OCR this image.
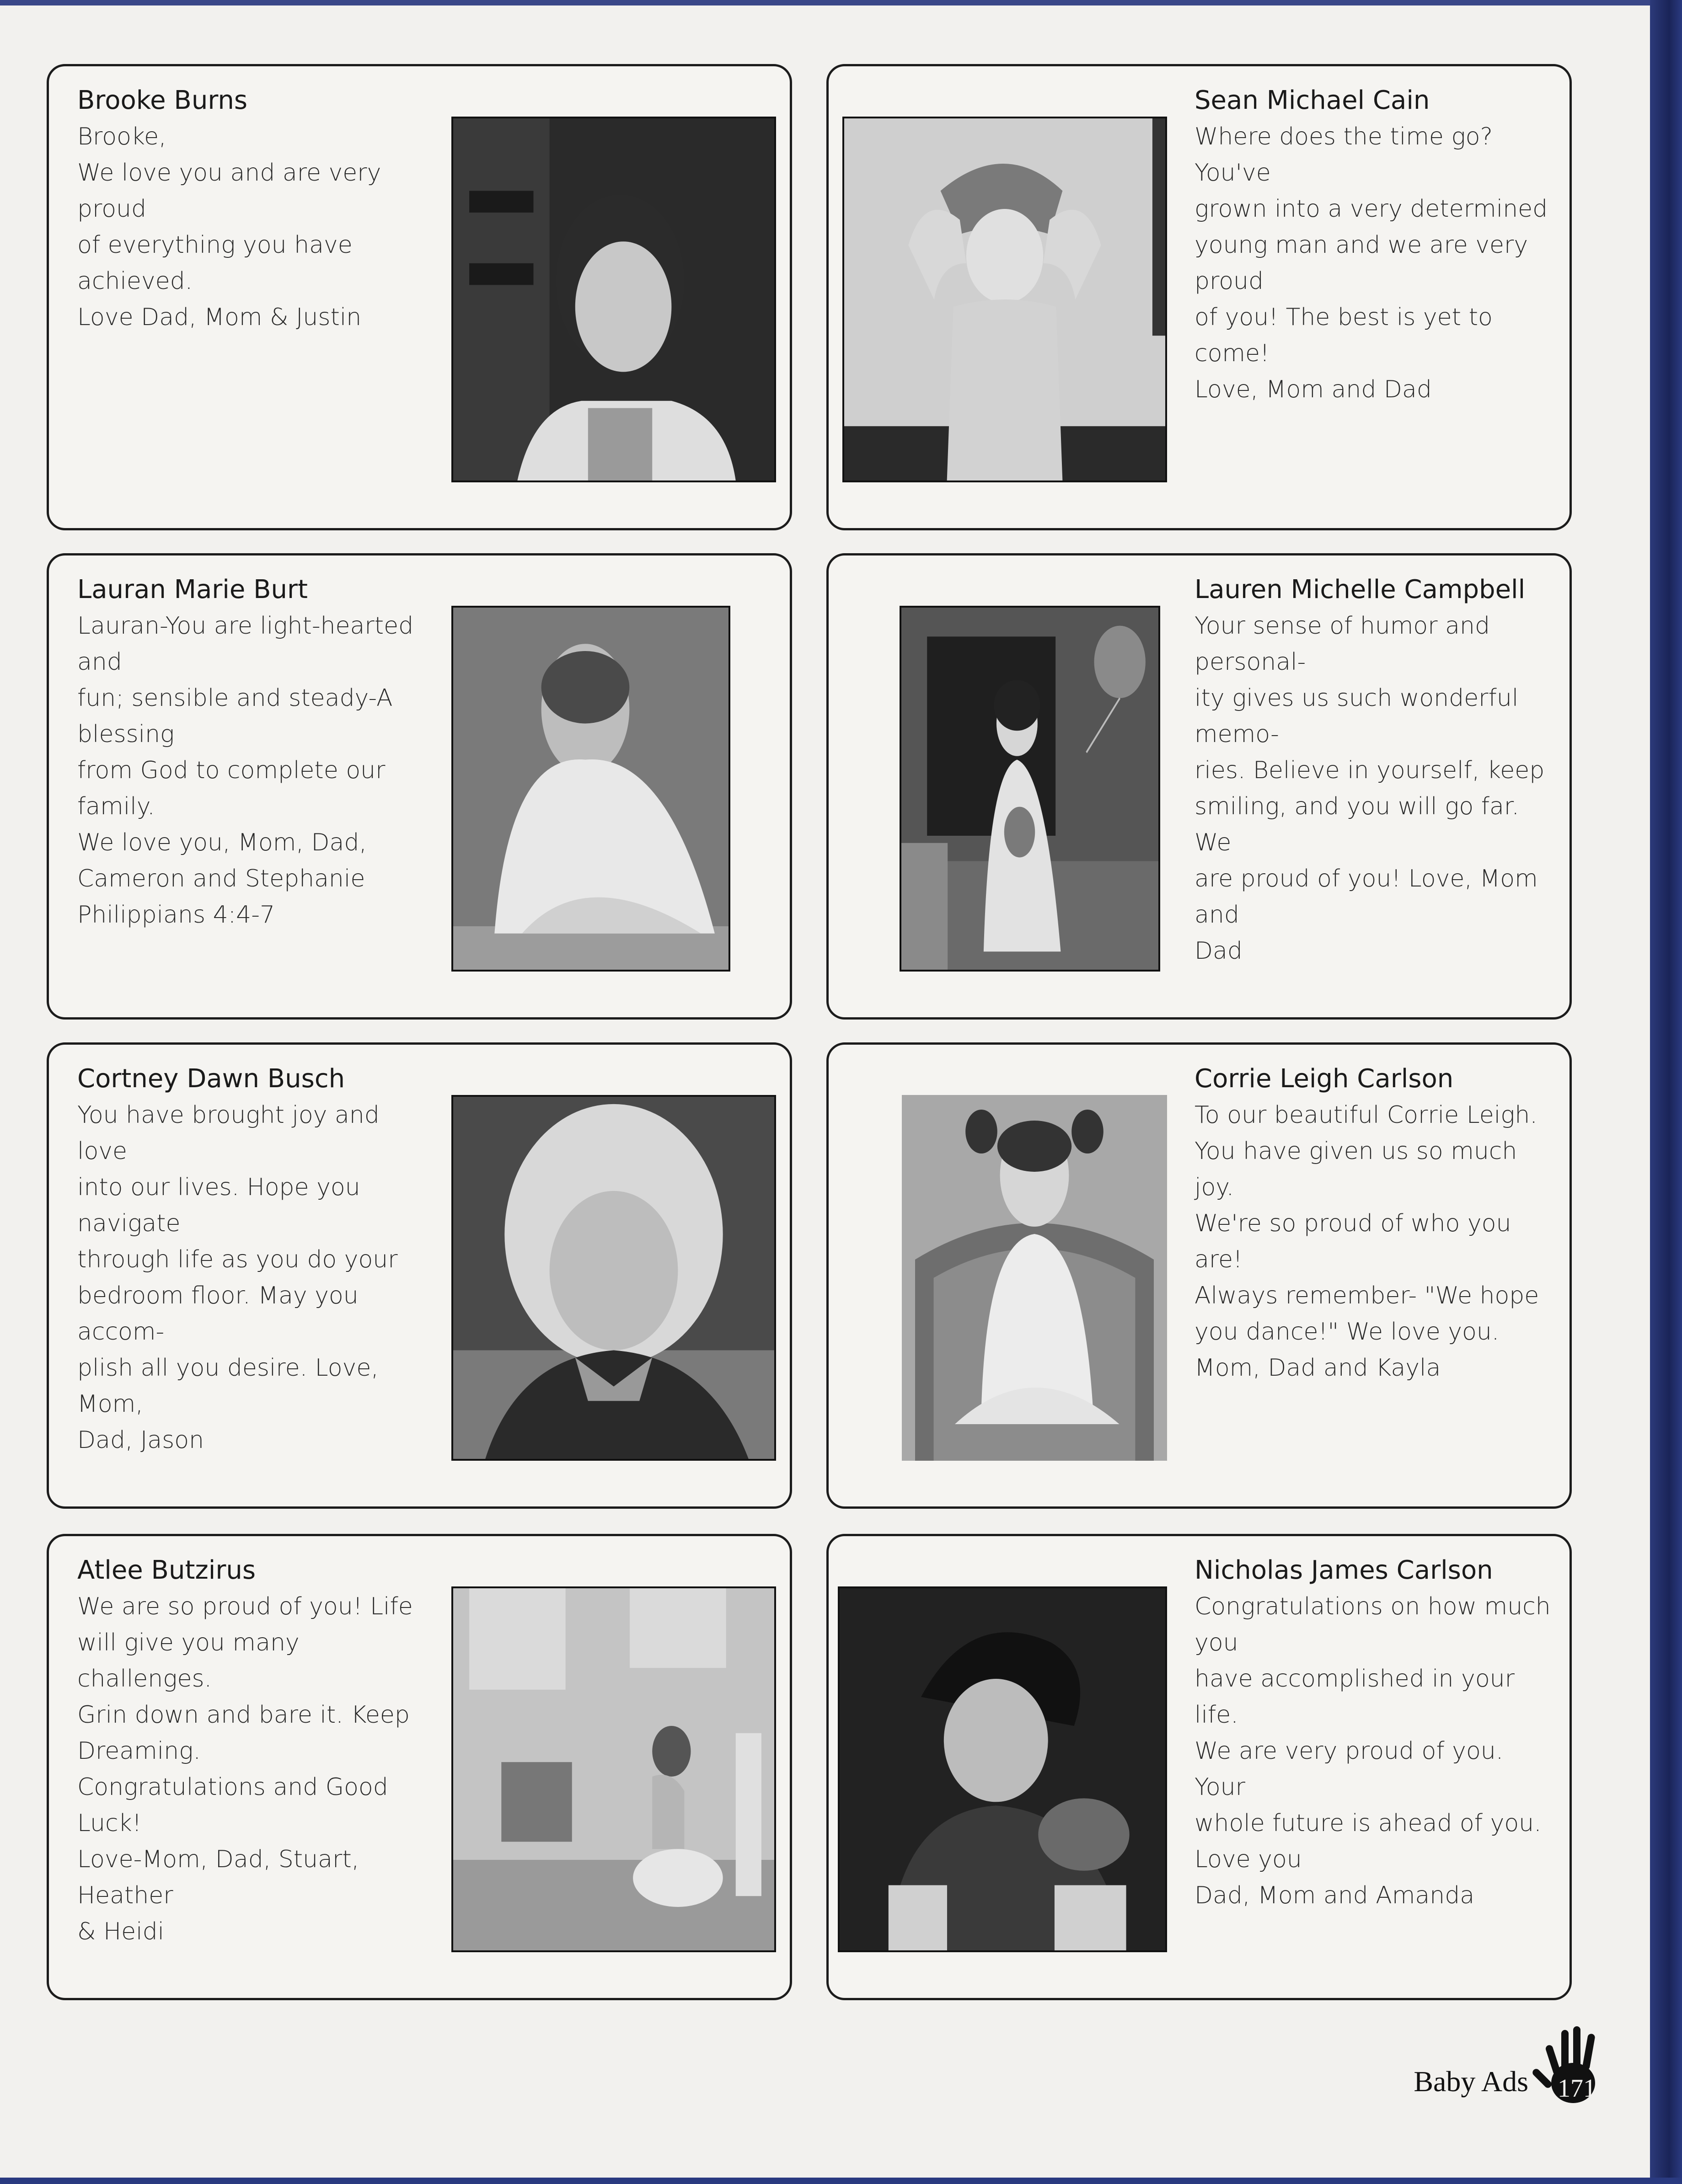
Brooke Burns
Brooke,
We love you and are very proud
of everything you have achieved.
Love Dad, Mom & Justin
Sean Michael Cain
Where does the time go? You've
grown into a very determined
young man and we are very proud
of you! The best is yet to come!
Love, Mom and Dad
Lauran Marie Burt
Lauran-You are light-hearted and
fun; sensible and steady-A blessing
from God to complete our family.
We love you, Mom, Dad,
Cameron and Stephanie
Philippians 4:4-7
Lauren Michelle Campbell
Your sense of humor and personal-
ity gives us such wonderful memo-
ries. Believe in yourself, keep
smiling, and you will go far. We
are proud of you! Love, Mom and
Dad
Cortney Dawn Busch
You have brought joy and love
into our lives. Hope you navigate
through life as you do your
bedroom floor. May you accom-
plish all you desire. Love, Mom,
Dad, Jason
Corrie Leigh Carlson
To our beautiful Corrie Leigh.
You have given us so much joy.
We're so proud of who you are!
Always remember- "We hope
you dance!" We love you.
Mom, Dad and Kayla
Atlee Butzirus
We are so proud of you! Life
will give you many challenges.
Grin down and bare it. Keep
Dreaming.
Congratulations and Good Luck!
Love-Mom, Dad, Stuart, Heather
& Heidi
Nicholas James Carlson
Congratulations on how much you
have accomplished in your life.
We are very proud of you. Your
whole future is ahead of you.
Love you
Dad, Mom and Amanda
Baby Ads 171
